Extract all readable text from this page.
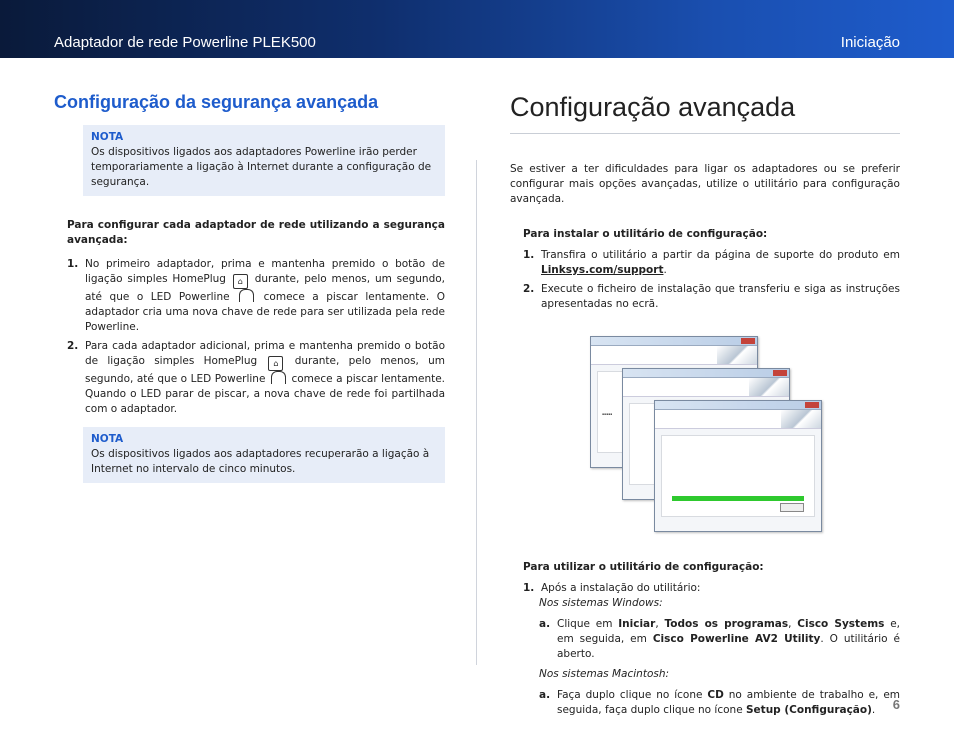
Adaptador de rede Powerline PLEK500	Iniciação
Configuração da segurança avançada
NOTA
Os dispositivos ligados aos adaptadores Powerline irão perder temporariamente a ligação à Internet durante a configuração de segurança.

Para configurar cada adaptador de rede utilizando a segurança avançada:

1. No primeiro adaptador, prima e mantenha premido o botão de ligação simples HomePlug ⌂ durante, pelo menos, um segundo, até que o LED Powerline	comece a piscar lentamente. O adaptador cria uma nova chave de rede para ser utilizada pela rede Powerline.
2. Para cada adaptador adicional, prima e mantenha premido o botão de ligação simples HomePlug ⌂ durante, pelo menos, um segundo, até que o LED Powerline comece a piscar lentamente. Quando o LED parar de piscar, a nova chave de rede foi partilhada com o adaptador.
NOTA
Os dispositivos ligados aos adaptadores recuperarão a ligação à Internet no intervalo de cinco minutos.
Configuração avançada

Se estiver a ter dificuldades para ligar os adaptadores ou se preferir configurar mais opções avançadas, utilize o utilitário para configuração avançada.

Para instalar o utilitário de configuração:

1. Transfira o utilitário a partir da página de suporte do produto em Linksys.com/support.
2. Execute o ficheiro de instalação que transferiu e siga as instruções apresentadas no ecrã.
▪▪▪▪▪

Para utilizar o utilitário de configuração:

1. Após a instalação do utilitário:
Nos sistemas Windows:
a. Clique em Iniciar, Todos os programas, Cisco Systems e, em seguida, em Cisco Powerline AV2 Utility. O utilitário é aberto.
Nos sistemas Macintosh:
a. Faça duplo clique no ícone CD no ambiente de trabalho e, em seguida, faça duplo clique no ícone Setup (Configuração).	6
